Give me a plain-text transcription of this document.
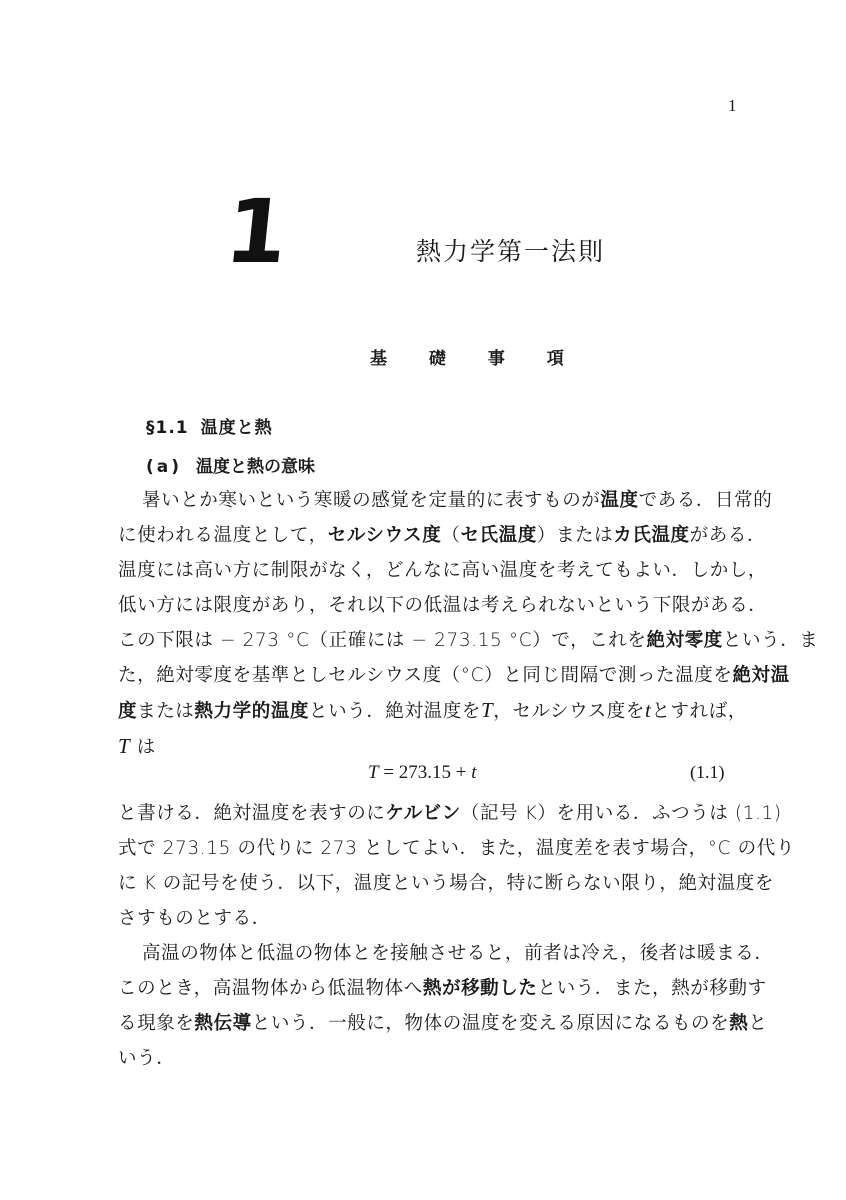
1
1	熱力学第一法則
基 礎 事 項
§1.1 温度と熱
(a) 温度と熱の意味
暑いとか寒いという寒暖の感覚を定量的に表すものが温度である．日常的
に使われる温度として，セルシウス度（セ氏温度）またはカ氏温度がある．
温度には高い方に制限がなく，どんなに高い温度を考えてもよい．しかし，
低い方には限度があり，それ以下の低温は考えられないという下限がある．
この下限は − 273 °C（正確には − 273.15 °C）で，これを絶対零度という．ま
た，絶対零度を基準としセルシウス度（°C）と同じ間隔で測った温度を絶対温
度または熱力学的温度という．絶対温度をT，セルシウス度をtとすれば，
T は
T = 273.15 + t	(1.1)
と書ける．絶対温度を表すのにケルビン（記号 K）を用いる．ふつうは (1.1)
式で 273.15 の代りに 273 としてよい．また，温度差を表す場合，°C の代り
に K の記号を使う．以下，温度という場合，特に断らない限り，絶対温度を
さすものとする．
高温の物体と低温の物体とを接触させると，前者は冷え，後者は暖まる．
このとき，高温物体から低温物体へ熱が移動したという．また，熱が移動す
る現象を熱伝導という．一般に，物体の温度を変える原因になるものを熱と
いう．
